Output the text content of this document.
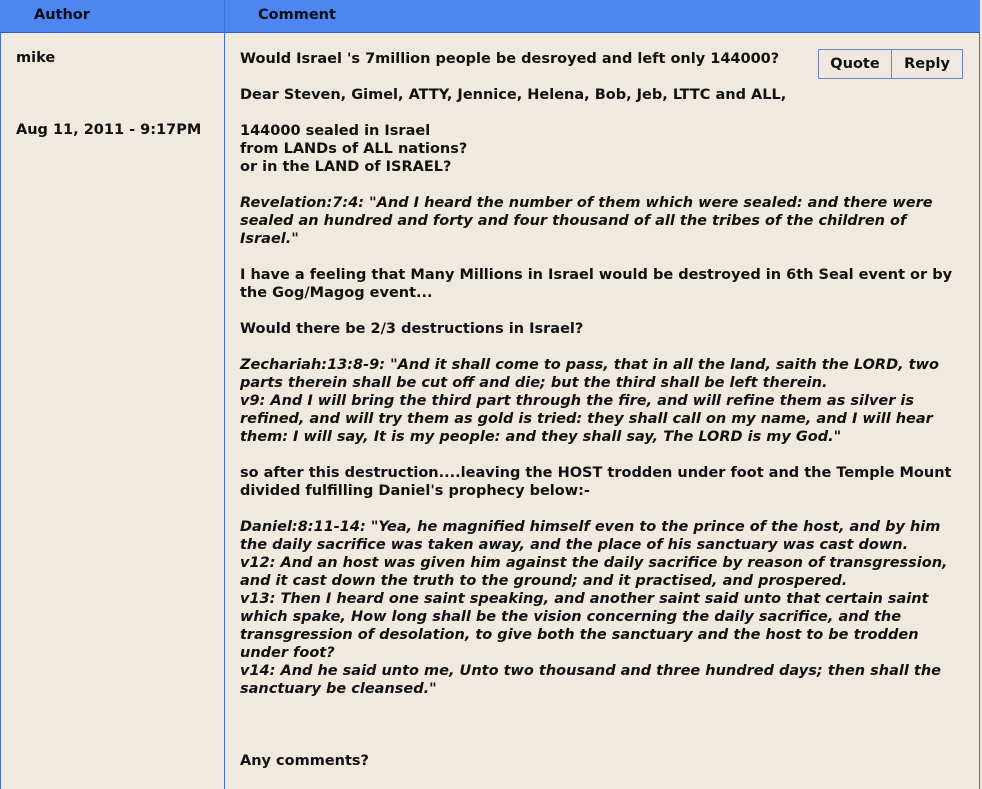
Author	Comment
mike
Aug 11, 2011 - 9:17PM
Quote	Reply
Would Israel 's 7million people be desroyed and left only 144000?
Dear Steven, Gimel, ATTY, Jennice, Helena, Bob, Jeb, LTTC and ALL,
144000 sealed in Israel
from LANDs of ALL nations?
or in the LAND of ISRAEL?
Revelation:7:4: "And I heard the number of them which were sealed: and there were sealed an hundred and forty and four thousand of all the tribes of the children of Israel."
I have a feeling that Many Millions in Israel would be destroyed in 6th Seal event or by the Gog/Magog event...
Would there be 2/3 destructions in Israel?
Zechariah:13:8-9: "And it shall come to pass, that in all the land, saith the LORD, two parts therein shall be cut off and die; but the third shall be left therein.
v9: And I will bring the third part through the fire, and will refine them as silver is refined, and will try them as gold is tried: they shall call on my name, and I will hear them: I will say, It is my people: and they shall say, The LORD is my God."
so after this destruction....leaving the HOST trodden under foot and the Temple Mount divided fulfilling Daniel's prophecy below:-
Daniel:8:11-14: "Yea, he magnified himself even to the prince of the host, and by him the daily sacrifice was taken away, and the place of his sanctuary was cast down.
v12: And an host was given him against the daily sacrifice by reason of transgression, and it cast down the truth to the ground; and it practised, and prospered.
v13: Then I heard one saint speaking, and another saint said unto that certain saint which spake, How long shall be the vision concerning the daily sacrifice, and the transgression of desolation, to give both the sanctuary and the host to be trodden under foot?
v14: And he said unto me, Unto two thousand and three hundred days; then shall the sanctuary be cleansed."
Any comments?
